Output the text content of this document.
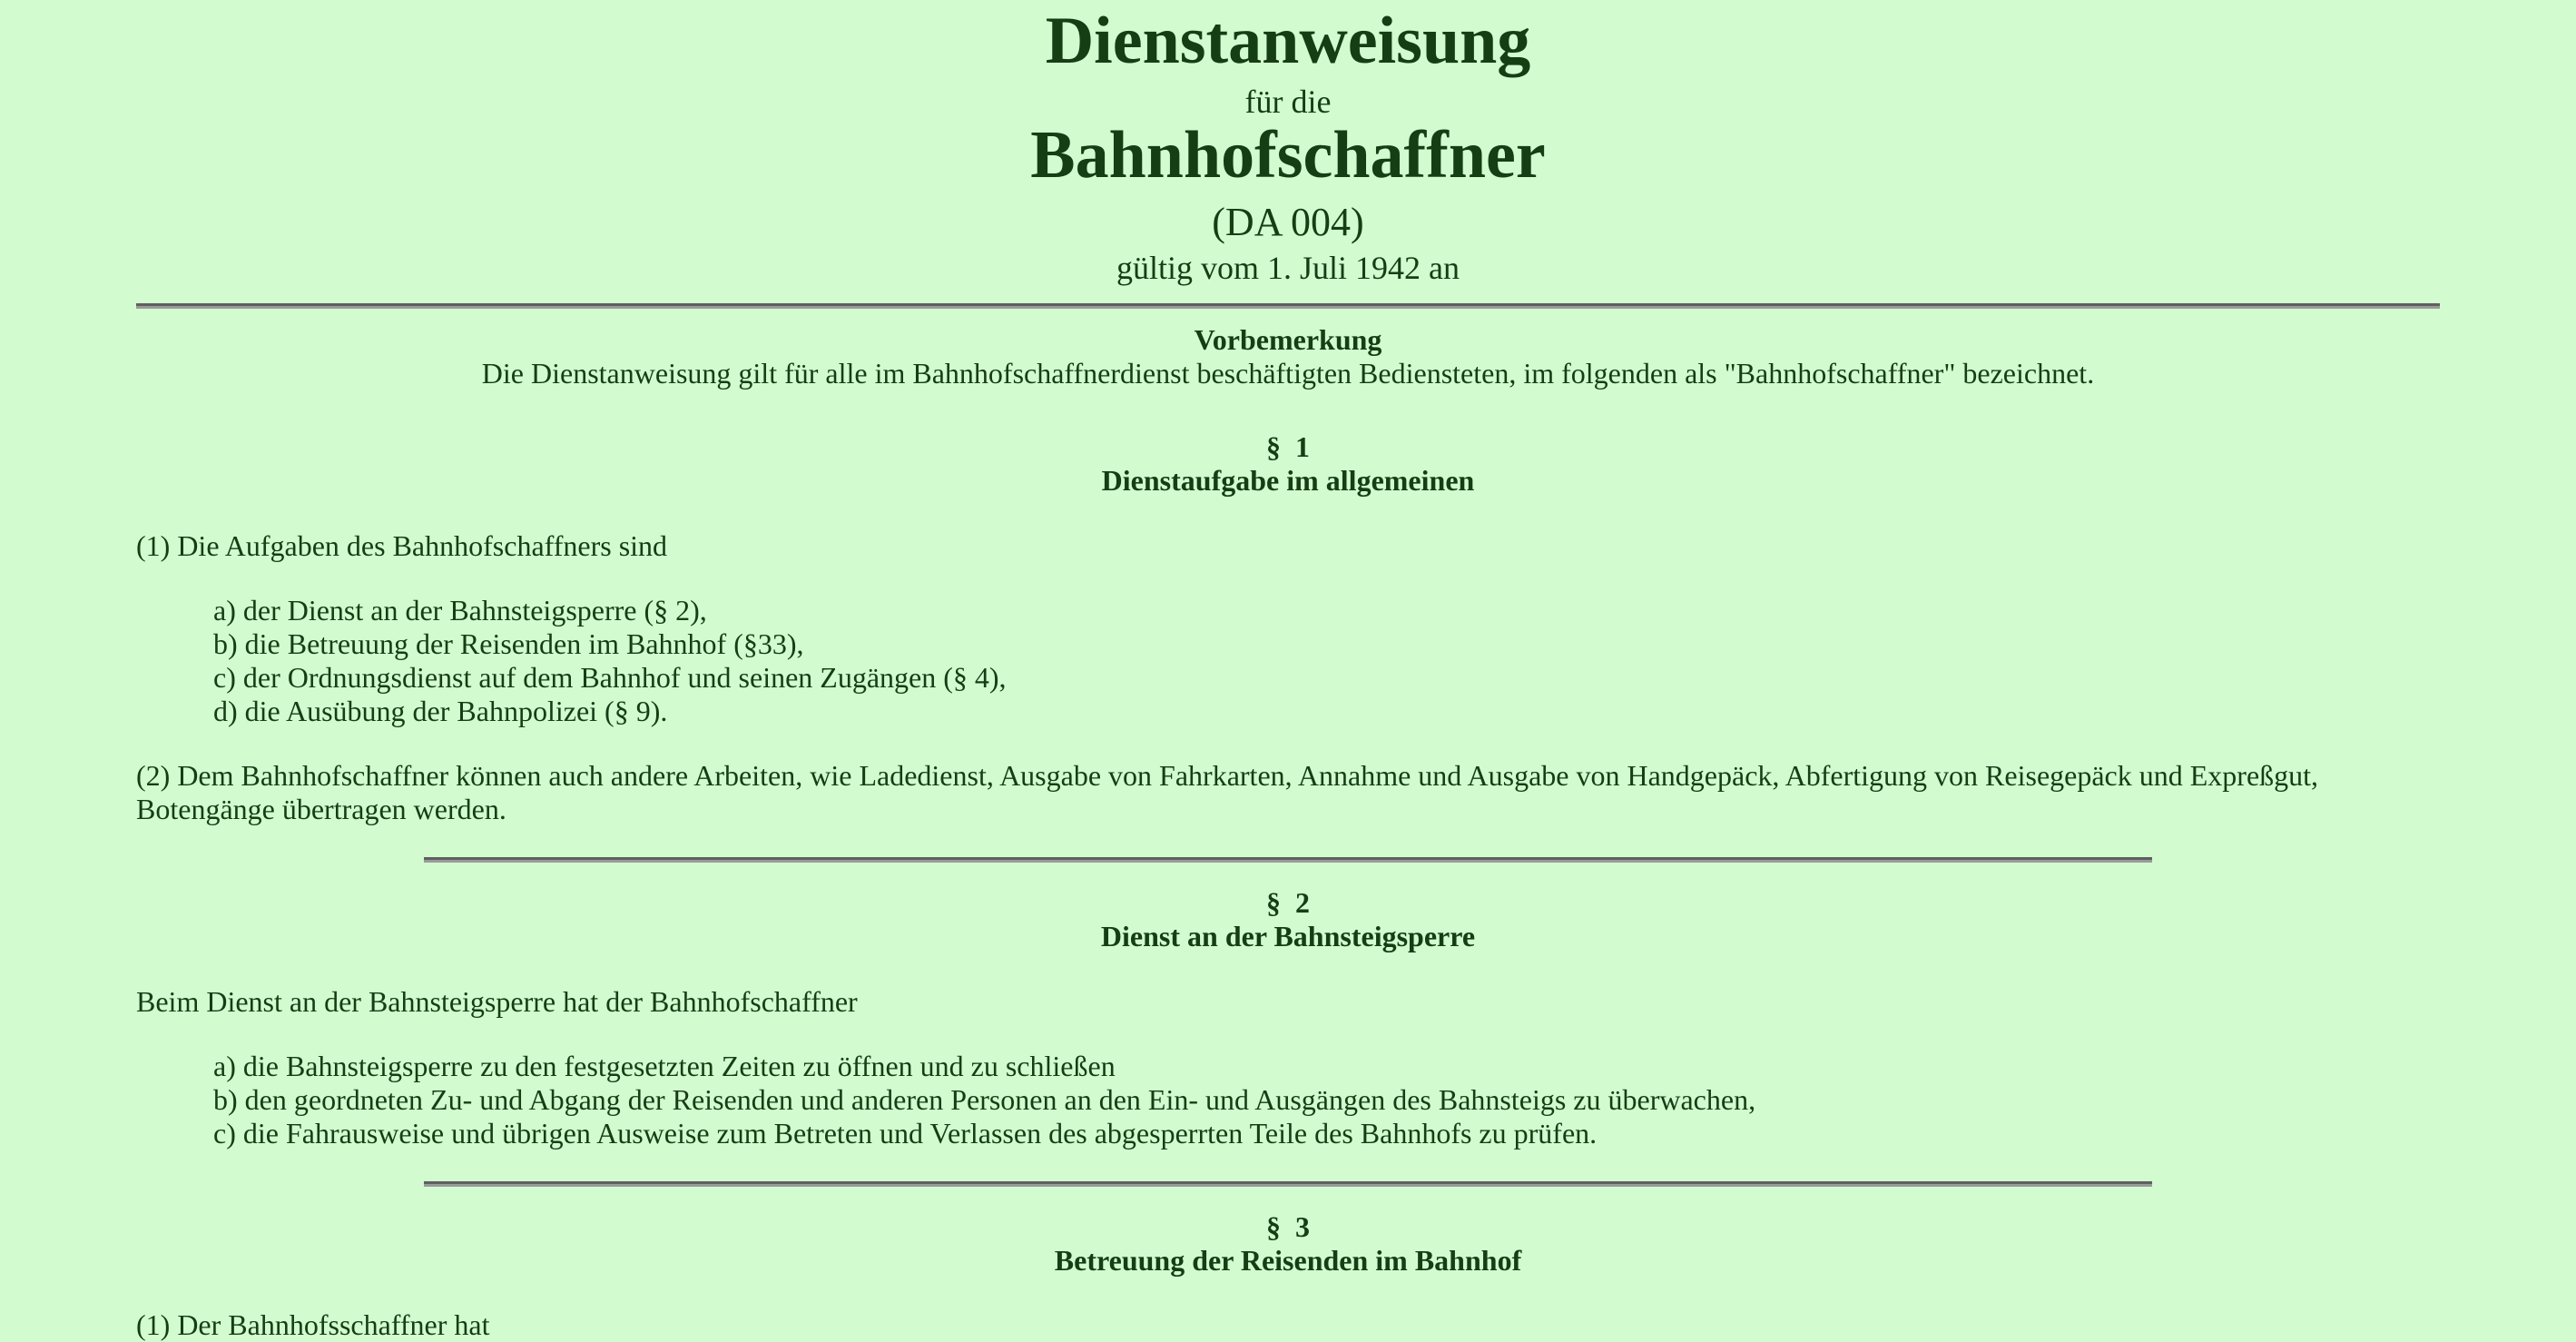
Dienstanweisung
für die
Bahnhofschaffner
(DA 004)
gültig vom 1. Juli 1942 an
Vorbemerkung
Die Dienstanweisung gilt für alle im Bahnhofschaffnerdienst beschäftigten Bediensteten, im folgenden als "Bahnhofschaffner" bezeichnet.
§  1
Dienstaufgabe im allgemeinen

(1) Die Aufgaben des Bahnhofschaffners sind

a) der Dienst an der Bahnsteigsperre (§ 2),
b) die Betreuung der Reisenden im Bahnhof (§33),
c) der Ordnungsdienst auf dem Bahnhof und seinen Zugängen (§ 4),
d) die Ausübung der Bahnpolizei (§ 9).

(2) Dem Bahnhofschaffner können auch andere Arbeiten, wie Ladedienst, Ausgabe von Fahrkarten, Annahme und Ausgabe von Handgepäck, Abfertigung von Reisegepäck und Expreßgut, Botengänge übertragen werden.

§  2
Dienst an der Bahnsteigsperre

Beim Dienst an der Bahnsteigsperre hat der Bahnhofschaffner

a) die Bahnsteigsperre zu den festgesetzten Zeiten zu öffnen und zu schließen
b) den geordneten Zu- und Abgang der Reisenden und anderen Personen an den Ein- und Ausgängen des Bahnsteigs zu überwachen,
c) die Fahrausweise und übrigen Ausweise zum Betreten und Verlassen des abgesperrten Teile des Bahnhofs zu prüfen.
§  3
Betreuung der Reisenden im Bahnhof

(1) Der Bahnhofsschaffner hat
